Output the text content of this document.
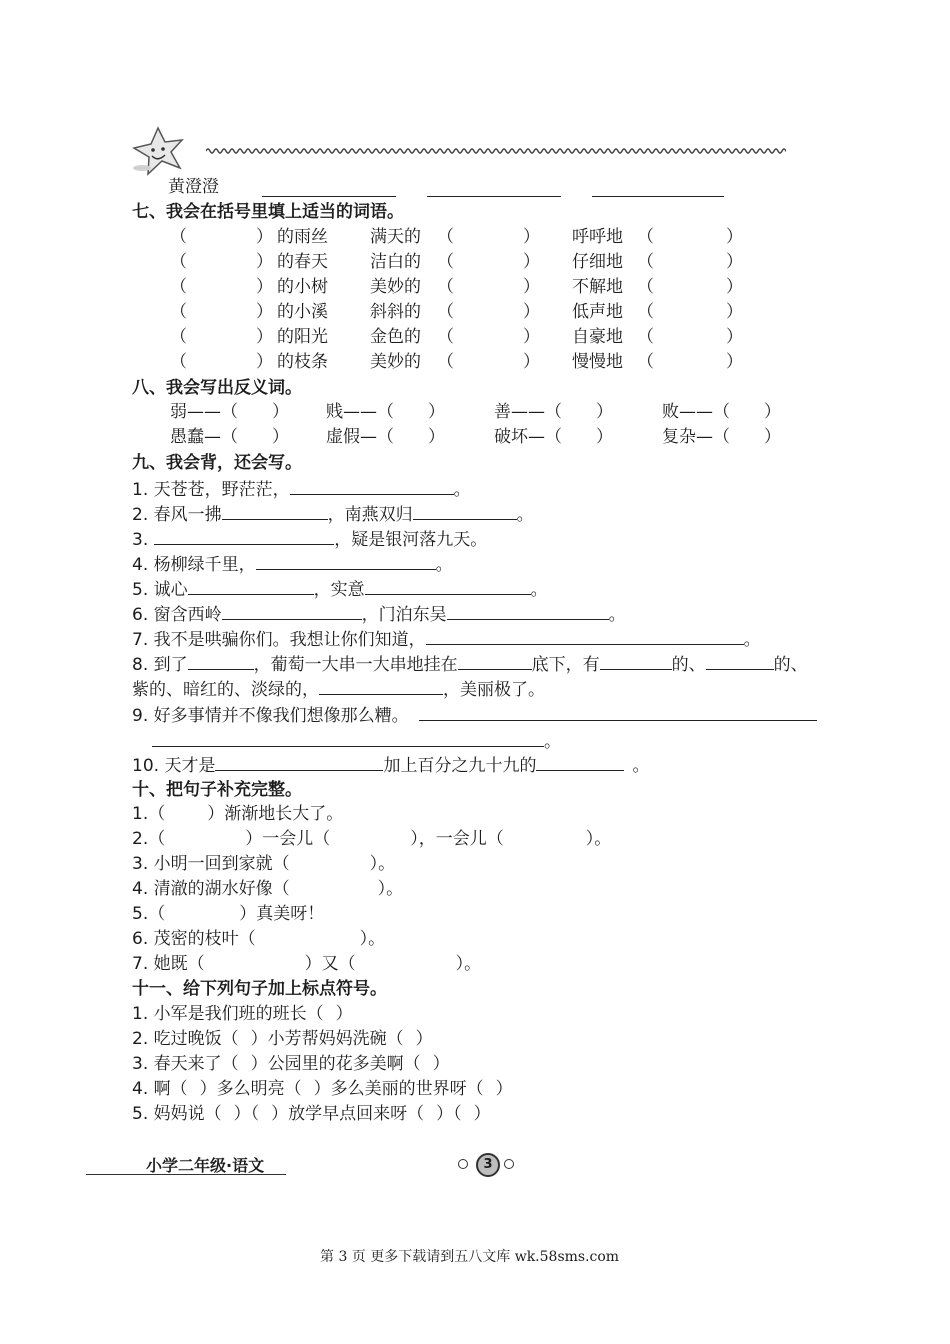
黄澄澄
七、我会在括号里填上适当的词语。
（	） 的雨丝 满天的 （	） 呼呼地 （	）
（	） 的春天 洁白的 （	） 仔细地 （	）
（	） 的小树 美妙的 （	） 不解地 （	）
（	） 的小溪 斜斜的 （	） 低声地 （	）
（	） 的阳光 金色的 （	） 自豪地 （	）
（	） 的枝条 美妙的 （	） 慢慢地 （	）
八、我会写出反义词。
弱——（ ） 贱——（ ）	善——（ ）	败——（ ）
愚蠢—（ ） 虚假—（ ）	破坏—（ ）	复杂—（ ）
九、我会背，还会写。
1. 天苍苍，野茫茫，	。
2. 春风一拂	，南燕双归	。
3.	，疑是银河落九天。
4. 杨柳绿千里，	。
5. 诚心	，实意	。
6. 窗含西岭	，门泊东吴	。
7. 我不是哄骗你们。我想让你们知道，	。
8. 到了	，葡萄一大串一大串地挂在	底下，有	的、	的、
紫的、暗红的、淡绿的，	，美丽极了。
9. 好多事情并不像我们想像那么糟。
。
10. 天才是	加上百分之九十九的	。
十、把句子补充完整。
1.（ ）渐渐地长大了。
2.（	）一会儿（	），一会儿（	）。
3. 小明一回到家就（	）。
4. 清澈的湖水好像（	）。
5.（	）真美呀！
6. 茂密的枝叶（	）。
7. 她既（	）又（	）。
十一、给下列句子加上标点符号。
1. 小军是我们班的班长（ ）
2. 吃过晚饭（ ）小芳帮妈妈洗碗（ ）
3. 春天来了（ ）公园里的花多美啊（ ）
4. 啊（ ）多么明亮（ ）多么美丽的世界呀（ ）
5. 妈妈说（ ）（ ）放学早点回来呀（ ）（ ）
小学二年级·语文	3
第 3 页 更多下载请到五八文库 wk.58sms.com
